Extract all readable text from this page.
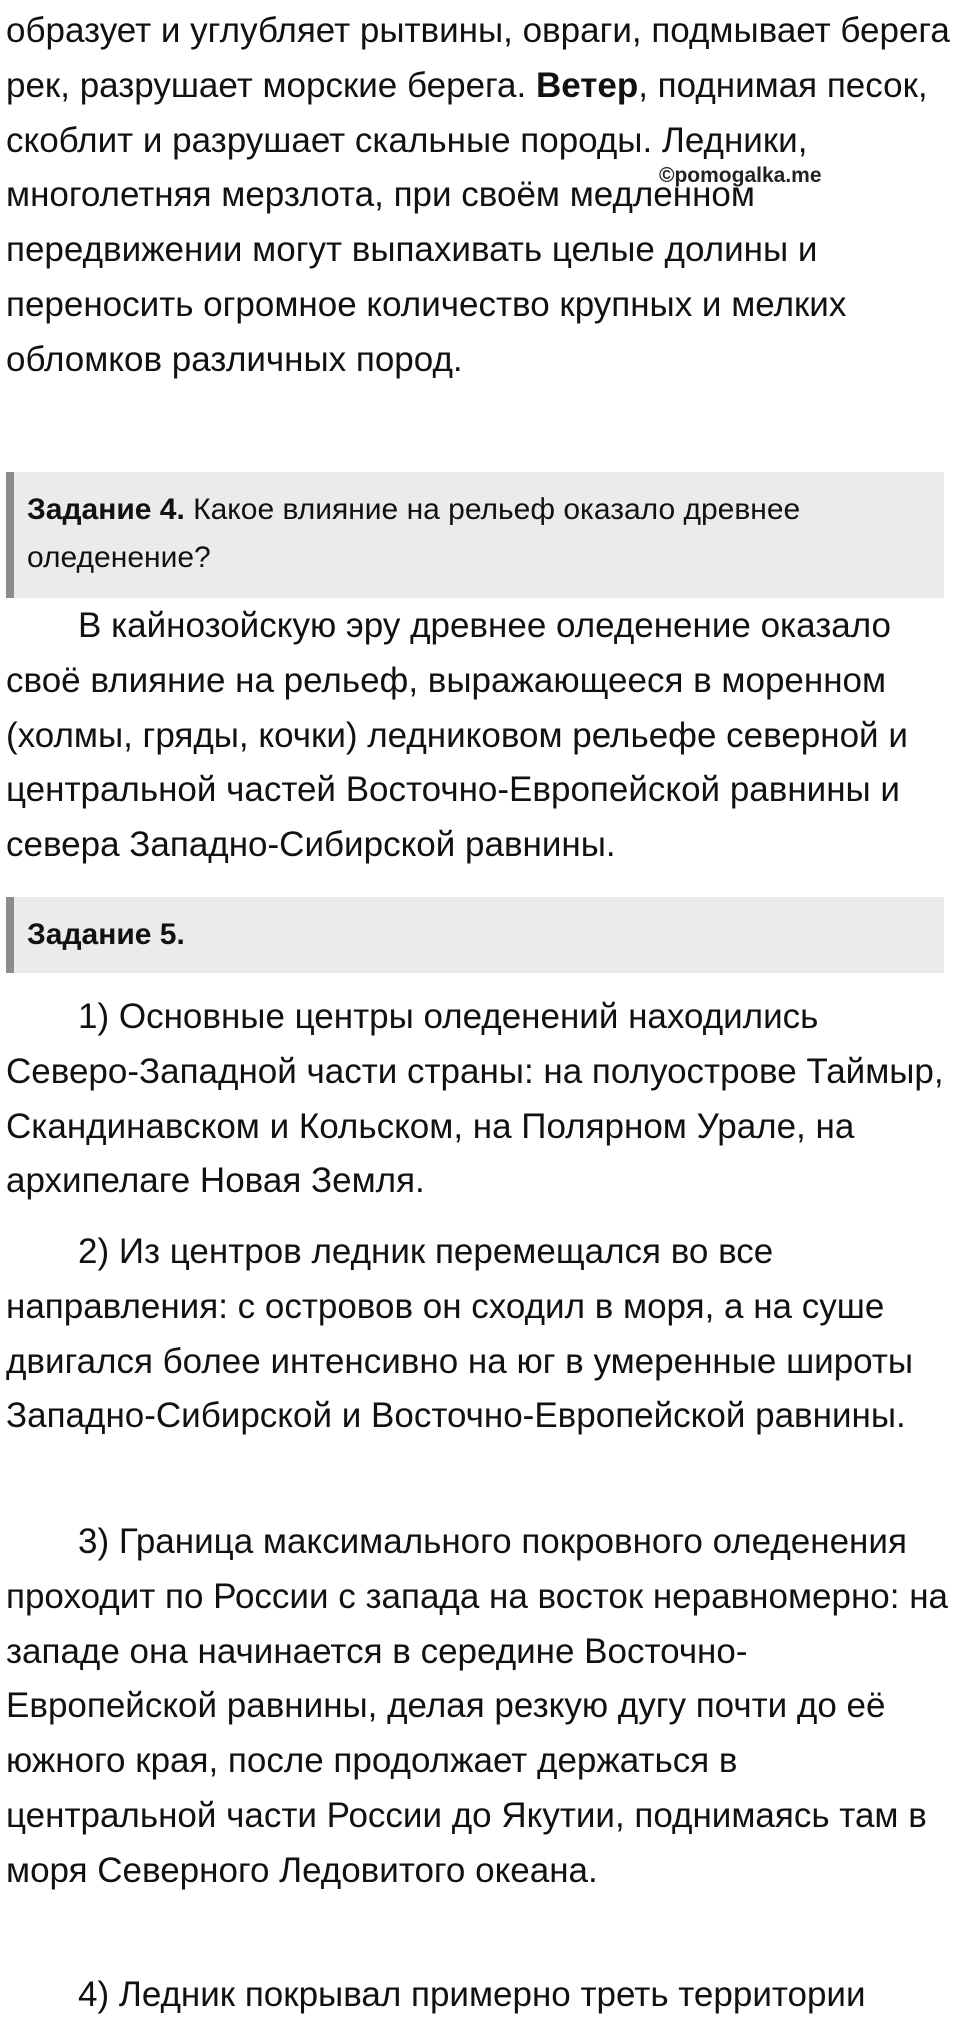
образует и углубляет рытвины, овраги, подмывает берега рек, разрушает морские берега. Ветер, поднимая песок, скоблит и разрушает скальные породы. Ледники, многолетняя мерзлота, при своём медленном передвижении могут выпахивать целые долины и переносить огромное количество крупных и мелких обломков различных пород.

©pomogalka.me
Задание 4. Какое влияние на рельеф оказало древнее оледенение?

В кайнозойскую эру древнее оледенение оказало своё влияние на рельеф, выражающееся в моренном (холмы, гряды, кочки) ледниковом рельефе северной и центральной частей Восточно-Европейской равнины и севера Западно-Сибирской равнины.

Задание 5.

1) Основные центры оледенений находились Северо-Западной части страны: на полуострове Таймыр, Скандинавском и Кольском, на Полярном Урале, на архипелаге Новая Земля.

2) Из центров ледник перемещался во все направления: с островов он сходил в моря, а на суше двигался более интенсивно на юг в умеренные широты Западно-Сибирской и Восточно-Европейской равнины.

3) Граница максимального покровного оледенения проходит по России с запада на восток неравномерно: на западе она начинается в середине Восточно-Европейской равнины, делая резкую дугу почти до её южного края, после продолжает держаться в центральной части России до Якутии, поднимаясь там в моря Северного Ледовитого океана.

4) Ледник покрывал примерно треть территории
